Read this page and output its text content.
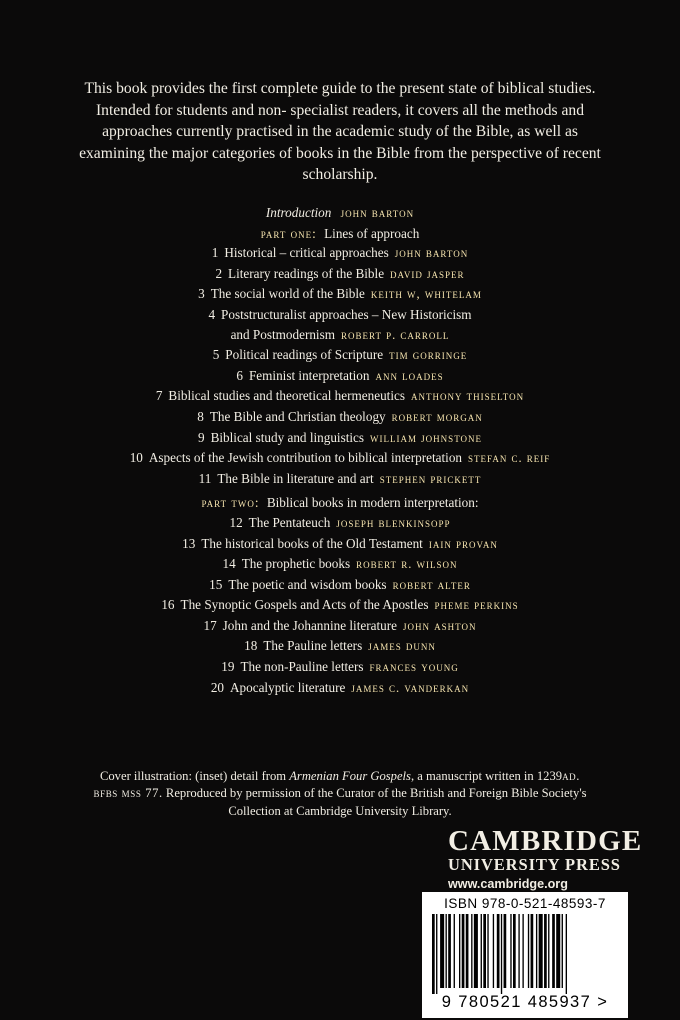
This book provides the first complete guide to the present state of biblical studies. Intended for students and non- specialist readers, it covers all the methods and approaches currently practised in the academic study of the Bible, as well as examining the major categories of books in the Bible from the perspective of recent scholarship.
Introduction john barton
part one: Lines of approach
1 Historical – critical approaches john barton
2 Literary readings of the Bible david jasper
3 The social world of the Bible keith w, whitelam
4 Poststructuralist approaches – New Historicism
and Postmodernism robert p. carroll
5 Political readings of Scripture tim gorringe
6 Feminist interpretation ann loades
7 Biblical studies and theoretical hermeneutics anthony thiselton
8 The Bible and Christian theology robert morgan
9 Biblical study and linguistics william johnstone
10 Aspects of the Jewish contribution to biblical interpretation stefan c. reif
11 The Bible in literature and art stephen prickett
part two: Biblical books in modern interpretation:
12 The Pentateuch joseph blenkinsopp
13 The historical books of the Old Testament iain provan
14 The prophetic books robert r. wilson
15 The poetic and wisdom books robert alter
16 The Synoptic Gospels and Acts of the Apostles pheme perkins
17 John and the Johannine literature john ashton
18 The Pauline letters james dunn
19 The non-Pauline letters frances young
20 Apocalyptic literature james c. vanderkan
Cover illustration: (inset) detail from Armenian Four Gospels, a manuscript written in 1239ad. bfbs mss 77. Reproduced by permission of the Curator of the British and Foreign Bible Society's Collection at Cambridge University Library.
CAMBRIDGE
UNIVERSITY PRESS
www.cambridge.org
ISBN 978-0-521-48593-7
9 780521 485937 >
